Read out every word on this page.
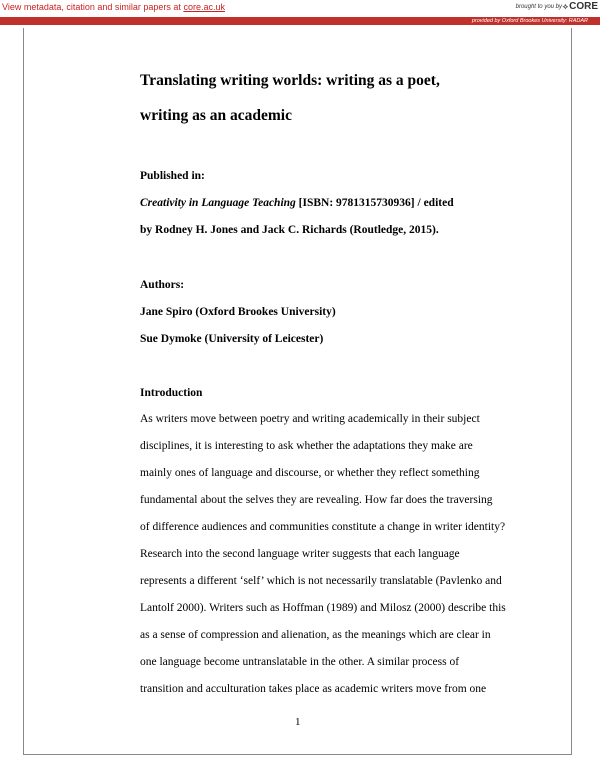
View metadata, citation and similar papers at core.ac.uk	brought to you by ⟡CORE
provided by Oxford Brookes University: RADAR
Translating writing worlds: writing as a poet,
writing as an academic
Published in:
Creativity in Language Teaching [ISBN: 9781315730936] / edited
by Rodney H. Jones and Jack C. Richards (Routledge, 2015).
Authors:
Jane Spiro (Oxford Brookes University)
Sue Dymoke (University of Leicester)
Introduction
As writers move between poetry and writing academically in their subject
disciplines, it is interesting to ask whether the adaptations they make are
mainly ones of language and discourse, or whether they reflect something
fundamental about the selves they are revealing. How far does the traversing
of difference audiences and communities constitute a change in writer identity?
Research into the second language writer suggests that each language
represents a different ‘self’ which is not necessarily translatable (Pavlenko and
Lantolf 2000). Writers such as Hoffman (1989) and Milosz (2000) describe this
as a sense of compression and alienation, as the meanings which are clear in
one language become untranslatable in the other. A similar process of
transition and acculturation takes place as academic writers move from one
1
